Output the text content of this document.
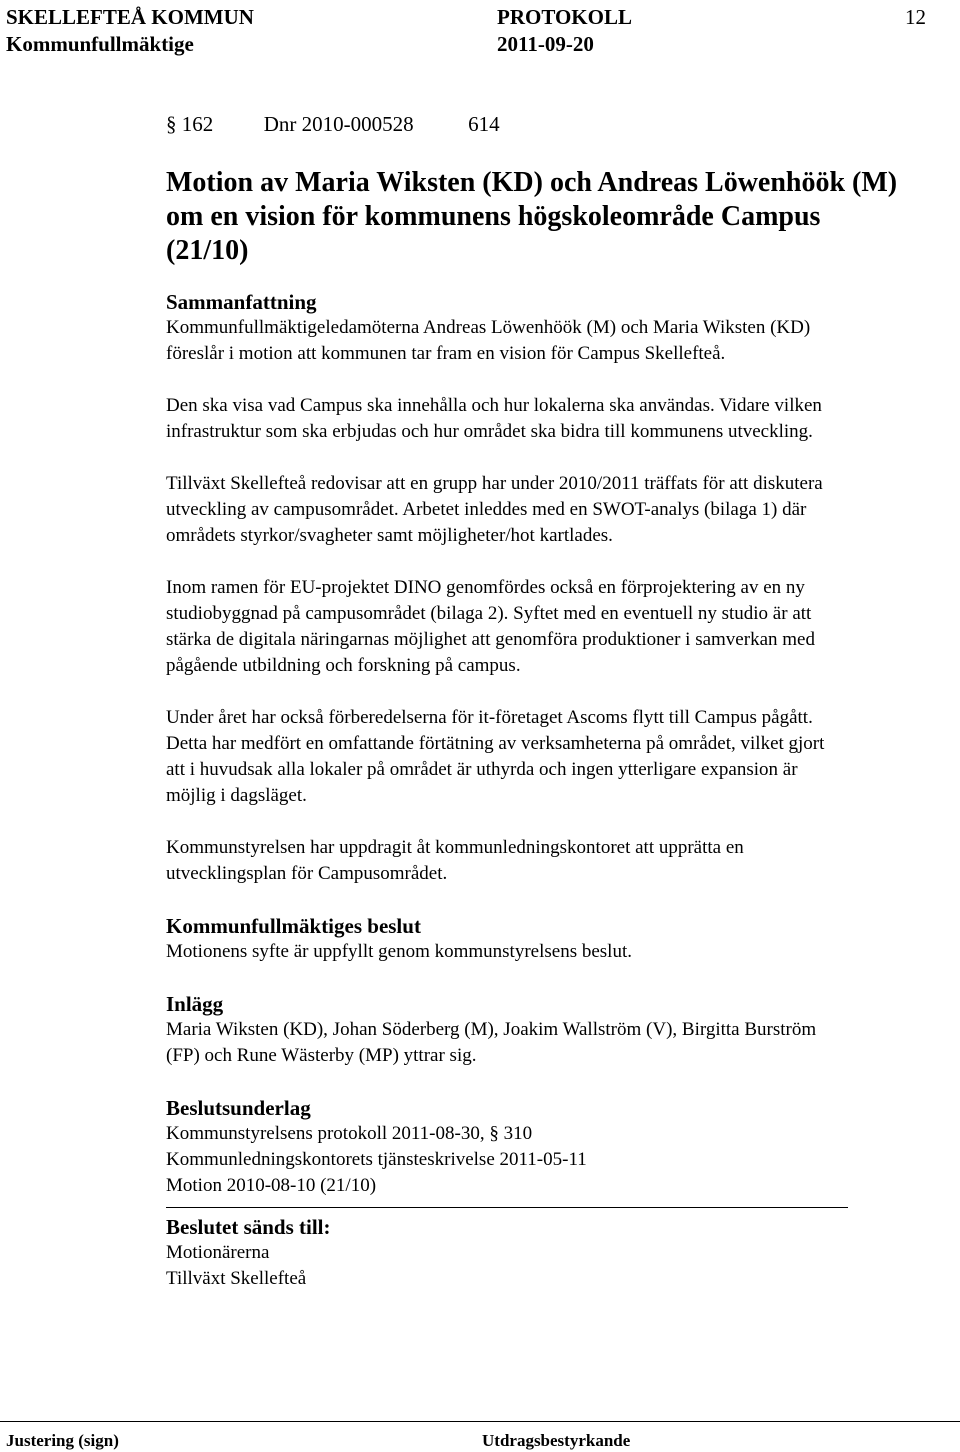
SKELLEFTEÅ KOMMUN	PROTOKOLL	12
Kommunfullmäktige	2011-09-20
§ 162 Dnr 2010-000528	614
Motion av Maria Wiksten (KD) och Andreas Löwenhöök (M)
om en vision för kommunens högskoleområde Campus
(21/10)
Sammanfattning
Kommunfullmäktigeledamöterna Andreas Löwenhöök (M) och Maria Wiksten (KD)
föreslår i motion att kommunen tar fram en vision för Campus Skellefteå.
Den ska visa vad Campus ska innehålla och hur lokalerna ska användas. Vidare vilken
infrastruktur som ska erbjudas och hur området ska bidra till kommunens utveckling.
Tillväxt Skellefteå redovisar att en grupp har under 2010/2011 träffats för att diskutera
utveckling av campusområdet. Arbetet inleddes med en SWOT-analys (bilaga 1) där
områdets styrkor/svagheter samt möjligheter/hot kartlades.
Inom ramen för EU-projektet DINO genomfördes också en förprojektering av en ny
studiobyggnad på campusområdet (bilaga 2). Syftet med en eventuell ny studio är att
stärka de digitala näringarnas möjlighet att genomföra produktioner i samverkan med
pågående utbildning och forskning på campus.
Under året har också förberedelserna för it-företaget Ascoms flytt till Campus pågått.
Detta har medfört en omfattande förtätning av verksamheterna på området, vilket gjort
att i huvudsak alla lokaler på området är uthyrda och ingen ytterligare expansion är
möjlig i dagsläget.
Kommunstyrelsen har uppdragit åt kommunledningskontoret att upprätta en
utvecklingsplan för Campusområdet.
Kommunfullmäktiges beslut
Motionens syfte är uppfyllt genom kommunstyrelsens beslut.
Inlägg
Maria Wiksten (KD), Johan Söderberg (M), Joakim Wallström (V), Birgitta Burström
(FP) och Rune Wästerby (MP) yttrar sig.
Beslutsunderlag
Kommunstyrelsens protokoll 2011-08-30, § 310
Kommunledningskontorets tjänsteskrivelse 2011-05-11
Motion 2010-08-10 (21/10)
Beslutet sänds till:
Motionärerna
Tillväxt Skellefteå
Justering (sign)	Utdragsbestyrkande
